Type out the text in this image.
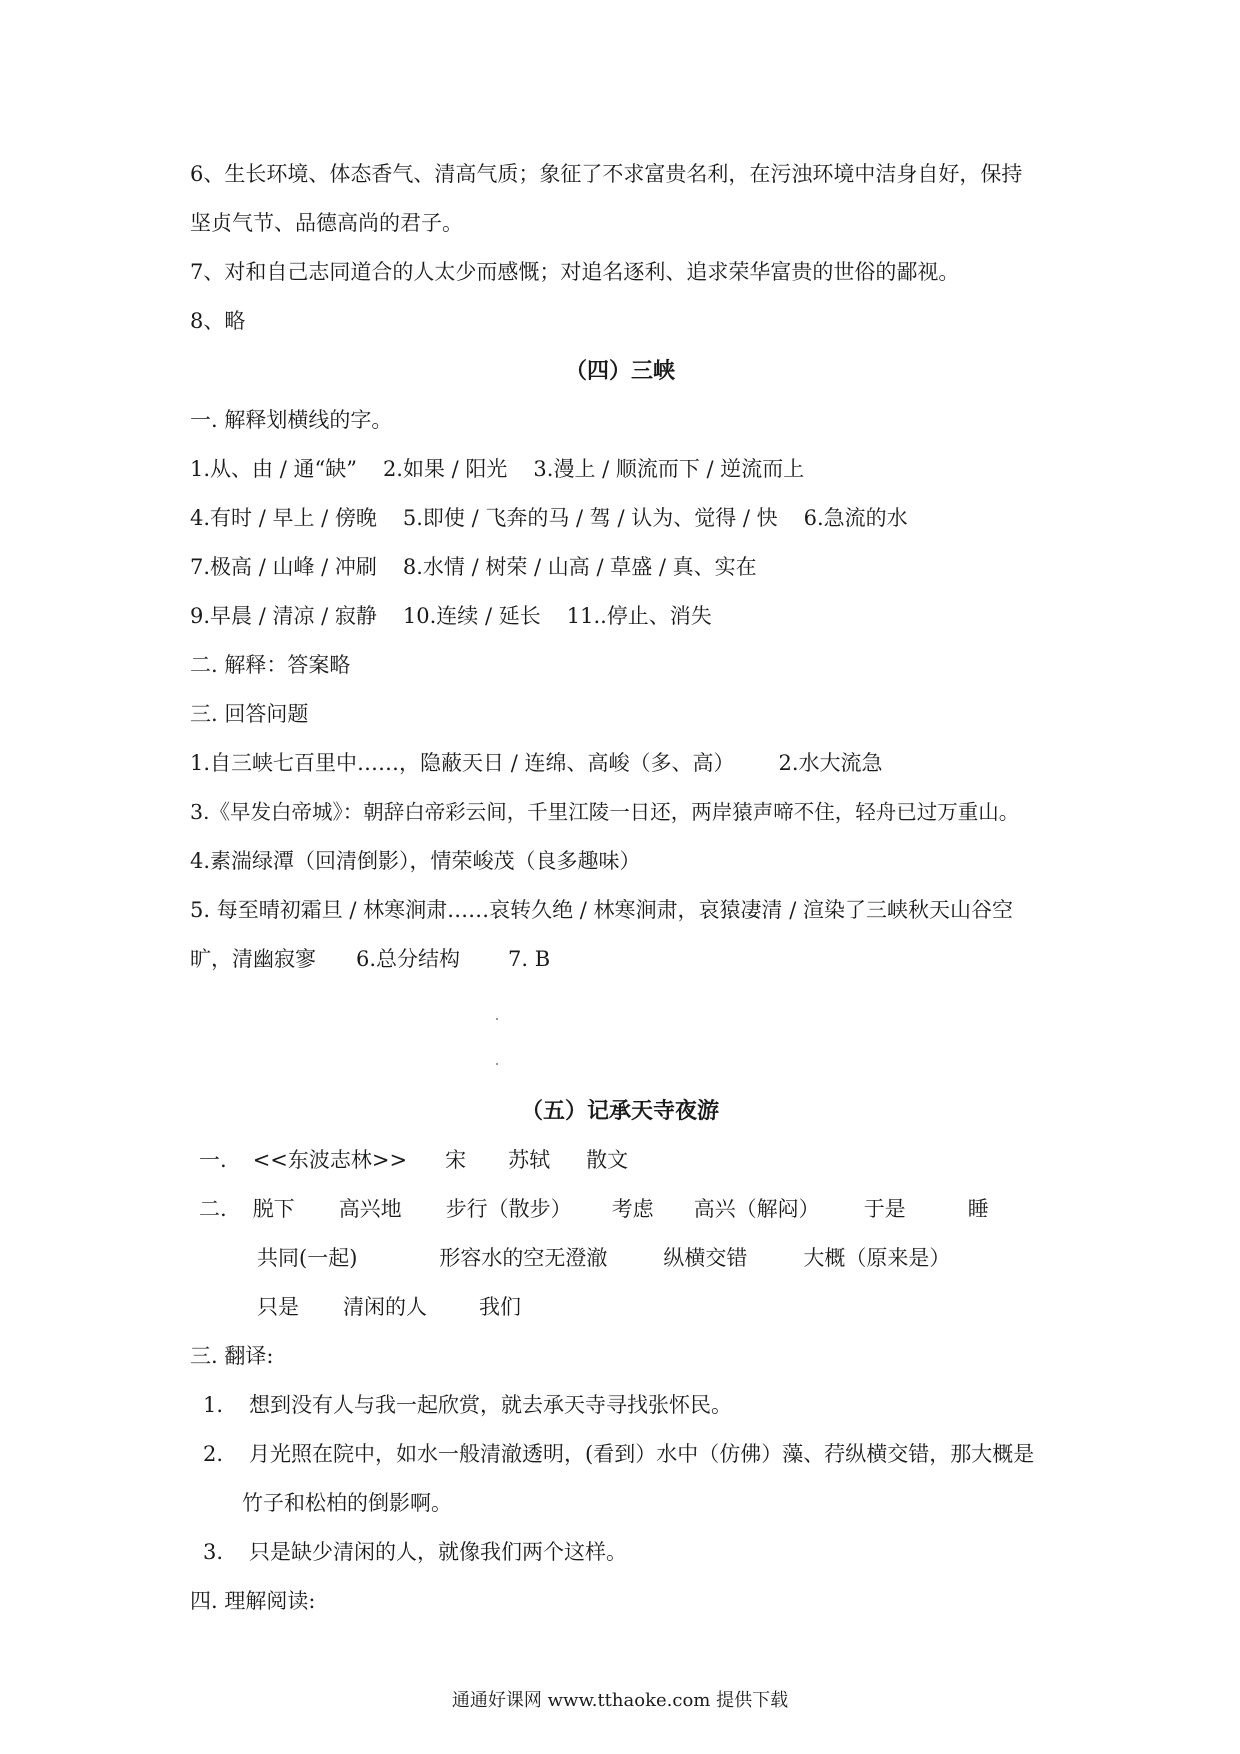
6、生长环境、体态香气、清高气质；象征了不求富贵名利，在污浊环境中洁身自好，保持
坚贞气节、品德高尚的君子。
7、对和自己志同道合的人太少而感慨；对追名逐利、追求荣华富贵的世俗的鄙视。
8、略
（四）三峡
一. 解释划横线的字。
1.从、由 / 通“缺” 2.如果 / 阳光 3.漫上 / 顺流而下 / 逆流而上
4.有时 / 早上 / 傍晚 5.即使 / 飞奔的马 / 驾 / 认为、觉得 / 快 6.急流的水
7.极高 / 山峰 / 冲刷 8.水情 / 树荣 / 山高 / 草盛 / 真、实在
9.早晨 / 清凉 / 寂静 10.连续 / 延长 11..停止、消失
二. 解释：答案略
三. 回答问题
1.自三峡七百里中……，隐蔽天日 / 连绵、高峻（多、高） 2.水大流急
3.《早发白帝城》：朝辞白帝彩云间，千里江陵一日还，两岸猿声啼不住，轻舟已过万重山。
4.素湍绿潭（回清倒影），情荣峻茂（良多趣味）
5. 每至晴初霜旦 / 林寒涧肃……哀转久绝 / 林寒涧肃，哀猿凄清 / 渲染了三峡秋天山谷空
旷，清幽寂寥 6.总分结构 7. B
（五）记承天寺夜游
一. <<东波志林>> 宋 苏轼 散文
二. 脱下 高兴地 步行（散步） 考虑 高兴（解闷） 于是	睡
共同(一起)	形容水的空无澄澈	纵横交错	大概（原来是）
只是 清闲的人 我们
三. 翻译:
1. 想到没有人与我一起欣赏，就去承天寺寻找张怀民。
2. 月光照在院中，如水一般清澈透明，(看到）水中（仿佛）藻、荇纵横交错，那大概是
竹子和松柏的倒影啊。
3. 只是缺少清闲的人，就像我们两个这样。
四. 理解阅读:
通通好课网 www.tthaoke.com 提供下载
